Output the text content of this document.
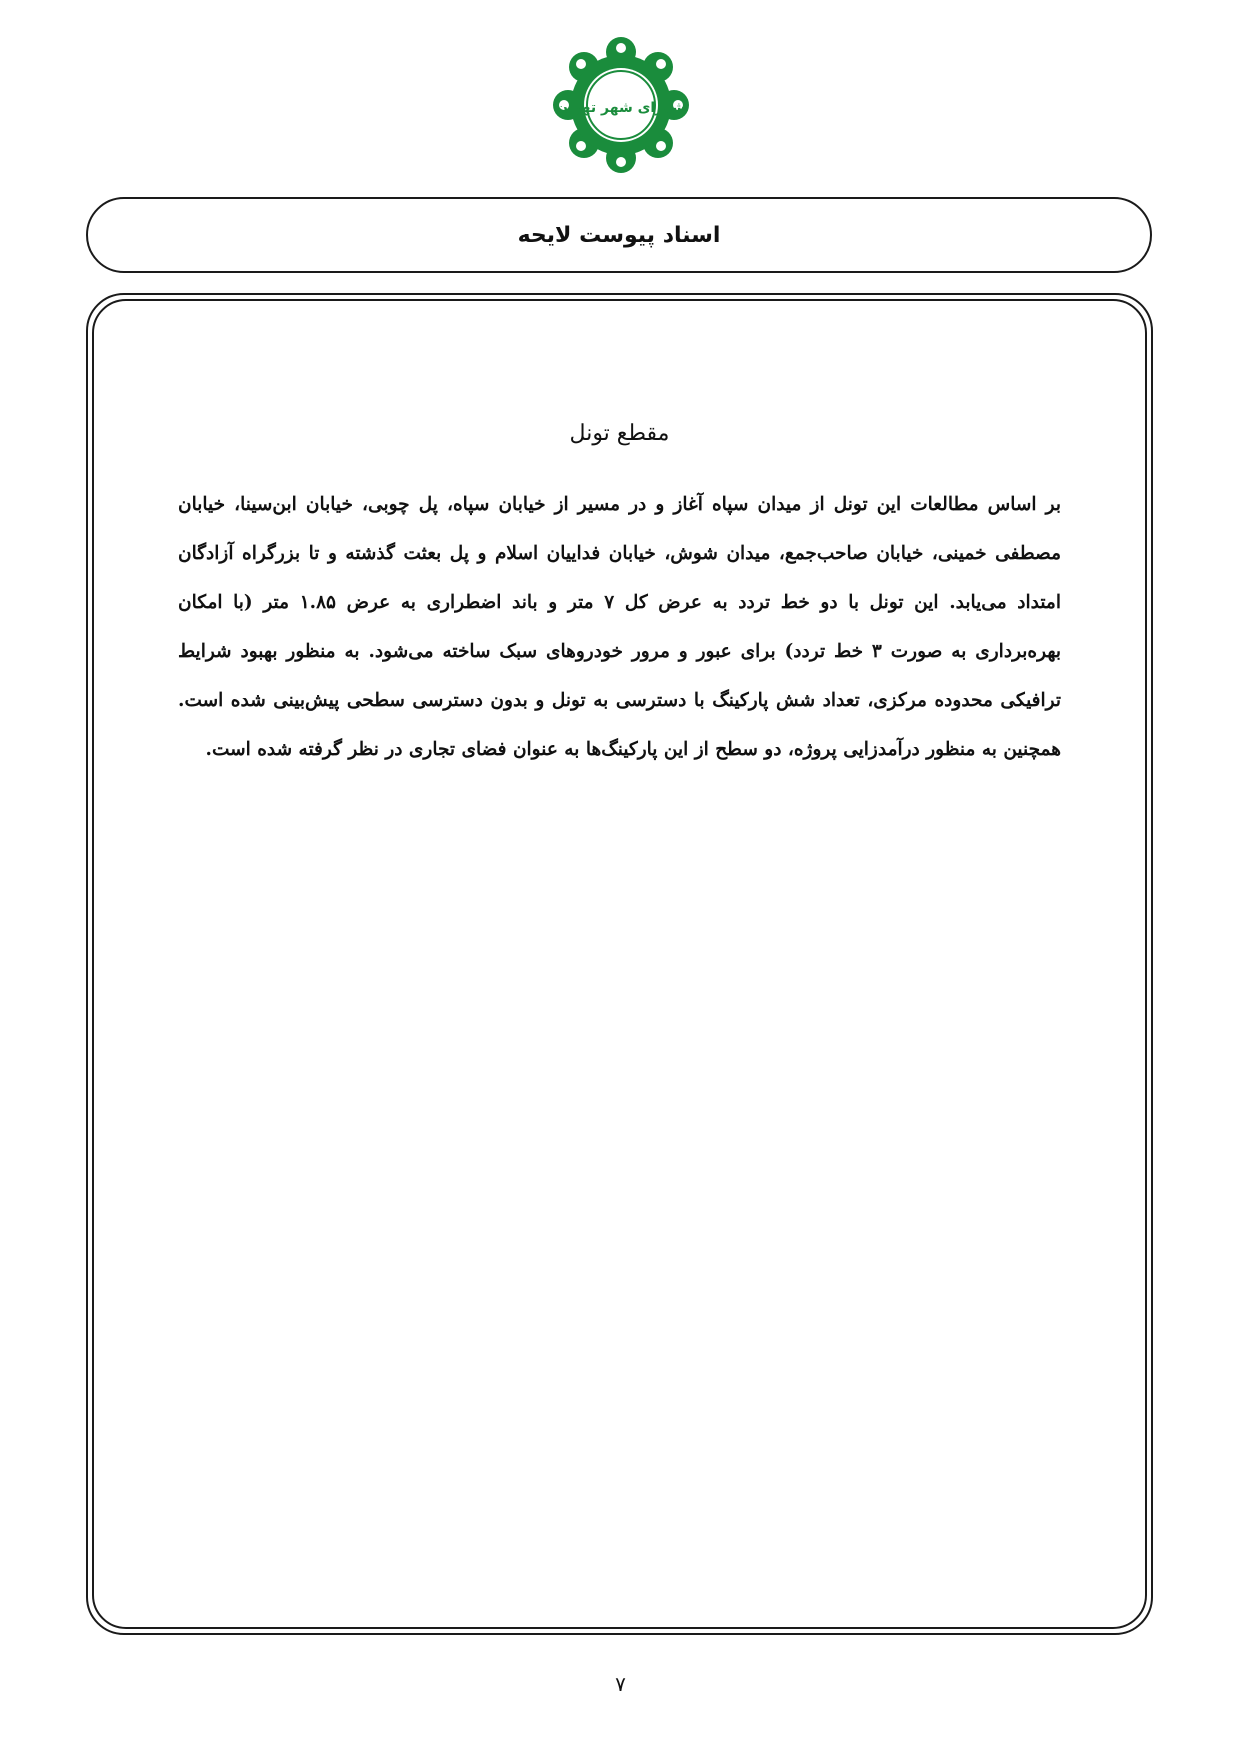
شورای شهر تهران
اسناد پیوست لایحه
مقطع تونل

بر اساس مطالعات این تونل از میدان سپاه آغاز و در مسیر از خیابان سپاه، پل چوبی، خیابان ابن‌سینا، خیابان مصطفی خمینی، خیابان صاحب‌جمع، میدان شوش، خیابان فداییان اسلام و پل بعثت گذشته و تا بزرگراه آزادگان امتداد می‌یابد. این تونل با دو خط تردد به عرض کل ۷ متر و باند اضطراری به عرض ۱.۸۵ متر (با امکان بهره‌برداری به صورت ۳ خط تردد) برای عبور و مرور خودروهای سبک ساخته می‌شود. به منظور بهبود شرایط ترافیکی محدوده مرکزی، تعداد شش پارکینگ با دسترسی به تونل و بدون دسترسی سطحی پیش‌بینی شده است. همچنین به منظور درآمدزایی پروژه، دو سطح از این پارکینگ‌ها به عنوان فضای تجاری در نظر گرفته شده است.

۷
